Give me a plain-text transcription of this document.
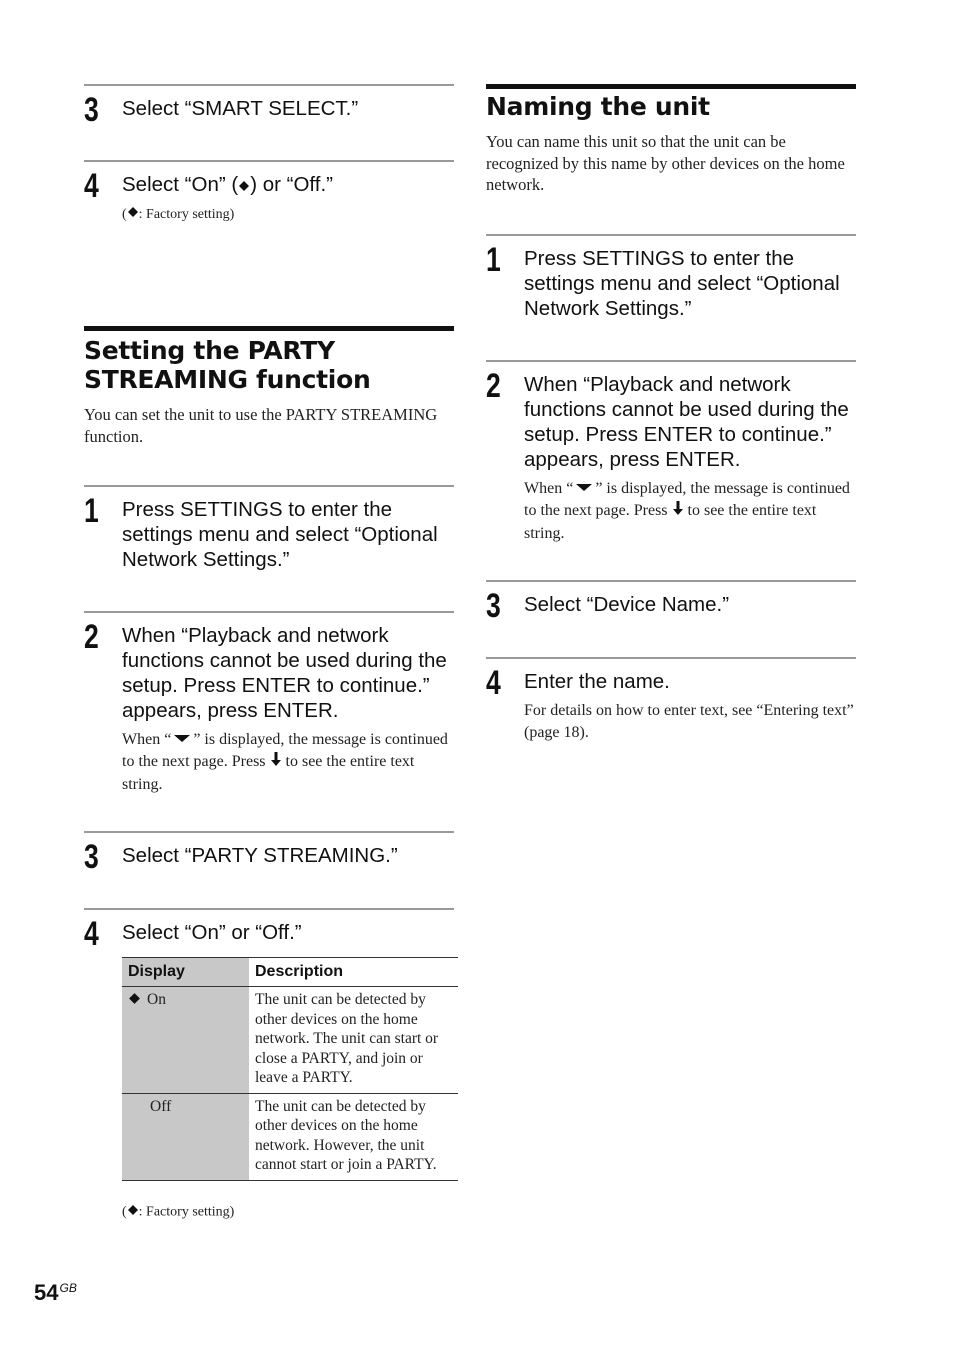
3 Select “SMART SELECT.”
4 Select “On” ( ) or “Off.”
( : Factory setting)
Setting the PARTY STREAMING function
You can set the unit to use the PARTY STREAMING function.
1 Press SETTINGS to enter the settings menu and select “Optional Network Settings.”
2 When “Playback and network functions cannot be used during the setup. Press ENTER to continue.” appears, press ENTER.
When “ ” is displayed, the message is continued to the next page. Press to see the entire text string.
3 Select “PARTY STREAMING.”
4 Select “On” or “Off.”
Display	Description
On	The unit can be detected by other devices on the home network. The unit can start or close a PARTY, and join or leave a PARTY.
Off	The unit can be detected by other devices on the home network. However, the unit cannot start or join a PARTY.
( : Factory setting)
Naming the unit
You can name this unit so that the unit can be recognized by this name by other devices on the home network.
1 Press SETTINGS to enter the settings menu and select “Optional Network Settings.”
2 When “Playback and network functions cannot be used during the setup. Press ENTER to continue.” appears, press ENTER.
When “ ” is displayed, the message is continued to the next page. Press to see the entire text string.
3 Select “Device Name.”
4 Enter the name.
For details on how to enter text, see “Entering text” (page 18).
$54^{GB}$
